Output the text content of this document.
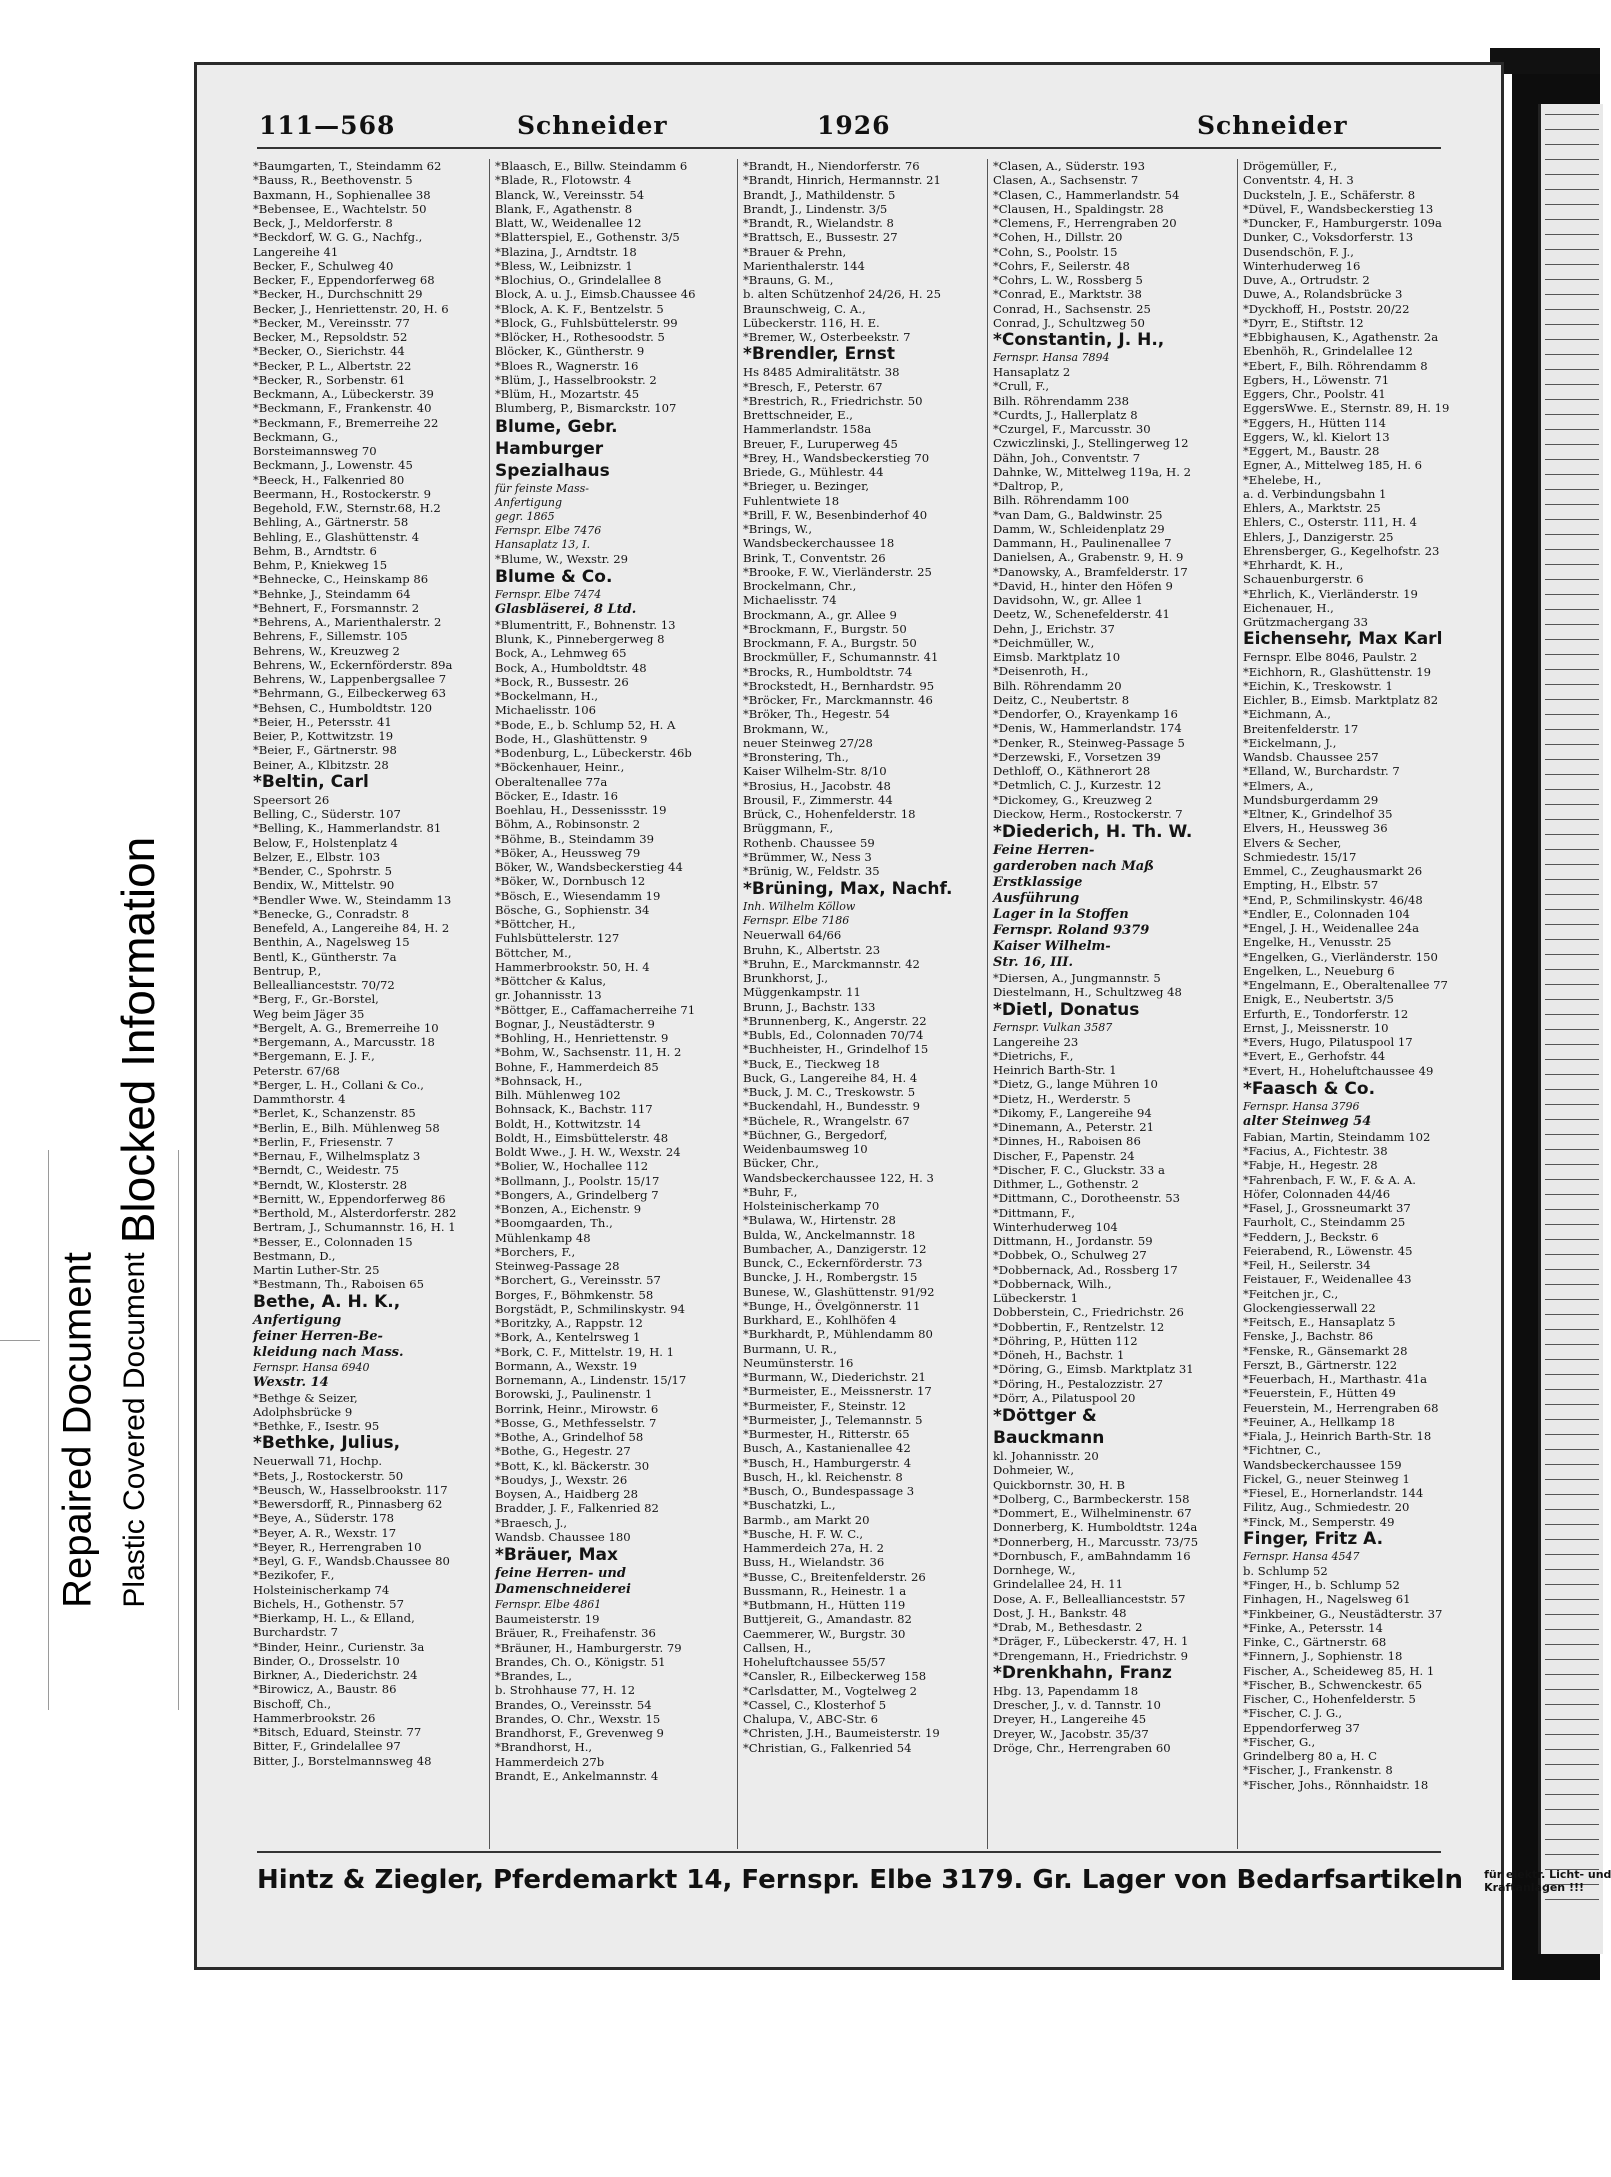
111—568	Schneider	1926	Schneider
*Baumgarten, T., Steindamm 62
*Bauss, R., Beethovenstr. 5
Baxmann, H., Sophienallee 38
*Bebensee, E., Wachtelstr. 50
Beck, J., Meldorferstr. 8
*Beckdorf, W. G. G., Nachfg.,
Langereihe 41
Becker, F., Schulweg 40
Becker, F., Eppendorferweg 68
*Becker, H., Durchschnitt 29
Becker, J., Henriettenstr. 20, H. 6
*Becker, M., Vereinsstr. 77
Becker, M., Repsoldstr. 52
*Becker, O., Sierichstr. 44
*Becker, P. L., Albertstr. 22
*Becker, R., Sorbenstr. 61
Beckmann, A., Lübeckerstr. 39
*Beckmann, F., Frankenstr. 40
*Beckmann, F., Bremerreihe 22
Beckmann, G.,
Borsteimannsweg 70
Beckmann, J., Lowenstr. 45
*Beeck, H., Falkenried 80
Beermann, H., Rostockerstr. 9
Begehold, F.W., Sternstr.68, H.2
Behling, A., Gärtnerstr. 58
Behling, E., Glashüttenstr. 4
Behm, B., Arndtstr. 6
Behm, P., Kniekweg 15
*Behnecke, C., Heinskamp 86
*Behnke, J., Steindamm 64
*Behnert, F., Forsmannstr. 2
*Behrens, A., Marienthalerstr. 2
Behrens, F., Sillemstr. 105
Behrens, W., Kreuzweg 2
Behrens, W., Eckernförderstr. 89a
Behrens, W., Lappenbergsallee 7
*Behrmann, G., Eilbeckerweg 63
*Behsen, C., Humboldtstr. 120
*Beier, H., Petersstr. 41
Beier, P., Kottwitzstr. 19
*Beier, F., Gärtnerstr. 98
Beiner, A., Klbitzstr. 28
*Beltin, Carl
Speersort 26
Belling, C., Süderstr. 107
*Belling, K., Hammerlandstr. 81
Below, F., Holstenplatz 4
Belzer, E., Elbstr. 103
*Bender, C., Spohrstr. 5
Bendix, W., Mittelstr. 90
*Bendler Wwe. W., Steindamm 13
*Benecke, G., Conradstr. 8
Benefeld, A., Langereihe 84, H. 2
Benthin, A., Nagelsweg 15
Bentl, K., Güntherstr. 7a
Bentrup, P.,
Belleallianceststr. 70/72
*Berg, F., Gr.-Borstel,
Weg beim Jäger 35
*Bergelt, A. G., Bremerreihe 10
*Bergemann, A., Marcusstr. 18
*Bergemann, E. J. F.,
Peterstr. 67/68
*Berger, L. H., Collani & Co.,
Dammthorstr. 4
*Berlet, K., Schanzenstr. 85
*Berlin, E., Bilh. Mühlenweg 58
*Berlin, F., Friesenstr. 7
*Bernau, F., Wilhelmsplatz 3
*Berndt, C., Weidestr. 75
*Berndt, W., Klosterstr. 28
*Bernitt, W., Eppendorferweg 86
*Berthold, M., Alsterdorferstr. 282
Bertram, J., Schumannstr. 16, H. 1
*Besser, E., Colonnaden 15
Bestmann, D.,
Martin Luther-Str. 25
*Bestmann, Th., Raboisen 65
Bethe, A. H. K.,
Anfertigung
feiner Herren-Be-
kleidung nach Mass.
Fernspr. Hansa 6940
Wexstr. 14
*Bethge & Seizer,
Adolphsbrücke 9
*Bethke, F., Isestr. 95
*Bethke, Julius,
Neuerwall 71, Hochp.
*Bets, J., Rostockerstr. 50
*Beusch, W., Hasselbrookstr. 117
*Bewersdorff, R., Pinnasberg 62
*Beye, A., Süderstr. 178
*Beyer, A. R., Wexstr. 17
*Beyer, R., Herrengraben 10
*Beyl, G. F., Wandsb.Chaussee 80
*Bezikofer, F.,
Holsteinischerkamp 74
Bichels, H., Gothenstr. 57
*Bierkamp, H. L., & Elland,
Burchardstr. 7
*Binder, Heinr., Curienstr. 3a
Binder, O., Drosselstr. 10
Birkner, A., Diederichstr. 24
*Birowicz, A., Baustr. 86
Bischoff, Ch.,
Hammerbrookstr. 26
*Bitsch, Eduard, Steinstr. 77
Bitter, F., Grindelallee 97
Bitter, J., Borstelmannsweg 48
*Blaasch, E., Billw. Steindamm 6
*Blade, R., Flotowstr. 4
Blanck, W., Vereinsstr. 54
Blank, F., Agathenstr. 8
Blatt, W., Weidenallee 12
*Blatterspiel, E., Gothenstr. 3/5
*Blazina, J., Arndtstr. 18
*Bless, W., Leibnizstr. 1
*Blochius, O., Grindelallee 8
Block, A. u. J., Eimsb.Chaussee 46
*Block, A. K. F., Bentzelstr. 5
*Block, G., Fuhlsbüttelerstr. 99
*Blöcker, H., Rothesoodstr. 5
Blöcker, K., Güntherstr. 9
*Bloes R., Wagnerstr. 16
*Blüm, J., Hasselbrookstr. 2
*Blüm, H., Mozartstr. 45
Blumberg, P., Bismarckstr. 107
Blume, Gebr.
Hamburger
Spezialhaus
für feinste Mass-
Anfertigung
gegr. 1865
Fernspr. Elbe 7476
Hansaplatz 13, I.
*Blume, W., Wexstr. 29
Blume & Co.
Fernspr. Elbe 7474
Glasbläserei, 8 Ltd.
*Blumentritt, F., Bohnenstr. 13
Blunk, K., Pinnebergerweg 8
Bock, A., Lehmweg 65
Bock, A., Humboldtstr. 48
*Bock, R., Bussestr. 26
*Bockelmann, H.,
Michaelisstr. 106
*Bode, E., b. Schlump 52, H. A
Bode, H., Glashüttenstr. 9
*Bodenburg, L., Lübeckerstr. 46b
*Böckenhauer, Heinr.,
Oberaltenallee 77a
Böcker, E., Idastr. 16
Boehlau, H., Dessenissstr. 19
Böhm, A., Robinsonstr. 2
*Böhme, B., Steindamm 39
*Böker, A., Heussweg 79
Böker, W., Wandsbeckerstieg 44
*Böker, W., Dornbusch 12
*Bösch, E., Wiesendamm 19
Bösche, G., Sophienstr. 34
*Böttcher, H.,
Fuhlsbüttelerstr. 127
Böttcher, M.,
Hammerbrookstr. 50, H. 4
*Böttcher & Kalus,
gr. Johannisstr. 13
*Böttger, E., Caffamacherreihe 71
Bognar, J., Neustädterstr. 9
*Bohling, H., Henriettenstr. 9
*Bohm, W., Sachsenstr. 11, H. 2
Bohne, F., Hammerdeich 85
*Bohnsack, H.,
Bilh. Mühlenweg 102
Bohnsack, K., Bachstr. 117
Boldt, H., Kottwitzstr. 14
Boldt, H., Eimsbüttelerstr. 48
Boldt Wwe., J. H. W., Wexstr. 24
*Bolier, W., Hochallee 112
*Bollmann, J., Poolstr. 15/17
*Bongers, A., Grindelberg 7
*Bonzen, A., Eichenstr. 9
*Boomgaarden, Th.,
Mühlenkamp 48
*Borchers, F.,
Steinweg-Passage 28
*Borchert, G., Vereinsstr. 57
Borges, F., Böhmkenstr. 58
Borgstädt, P., Schmilinskystr. 94
*Boritzky, A., Rappstr. 12
*Bork, A., Kentelrsweg 1
*Bork, C. F., Mittelstr. 19, H. 1
Bormann, A., Wexstr. 19
Bornemann, A., Lindenstr. 15/17
Borowski, J., Paulinenstr. 1
Borrink, Heinr., Mirowstr. 6
*Bosse, G., Methfesselstr. 7
*Bothe, A., Grindelhof 58
*Bothe, G., Hegestr. 27
*Bott, K., kl. Bäckerstr. 30
*Boudys, J., Wexstr. 26
Boysen, A., Haidberg 28
Bradder, J. F., Falkenried 82
*Braesch, J.,
Wandsb. Chaussee 180
*Bräuer, Max
feine Herren- und
Damenschneiderei
Fernspr. Elbe 4861
Baumeisterstr. 19
Bräuer, R., Freihafenstr. 36
*Bräuner, H., Hamburgerstr. 79
Brandes, Ch. O., Königstr. 51
*Brandes, L.,
b. Strohhause 77, H. 12
Brandes, O., Vereinsstr. 54
Brandes, O. Chr., Wexstr. 15
Brandhorst, F., Grevenweg 9
*Brandhorst, H.,
Hammerdeich 27b
Brandt, E., Ankelmannstr. 4
*Brandt, H., Niendorferstr. 76
*Brandt, Hinrich, Hermannstr. 21
Brandt, J., Mathildenstr. 5
Brandt, J., Lindenstr. 3/5
*Brandt, R., Wielandstr. 8
*Brattsch, E., Bussestr. 27
*Brauer & Prehn,
Marienthalerstr. 144
*Brauns, G. M.,
b. alten Schützenhof 24/26, H. 25
Braunschweig, C. A.,
Lübeckerstr. 116, H. E.
*Bremer, W., Osterbeekstr. 7
*Brendler, Ernst
Hs 8485 Admiralitätstr. 38
*Bresch, F., Peterstr. 67
*Brestrich, R., Friedrichstr. 50
Brettschneider, E.,
Hammerlandstr. 158a
Breuer, F., Luruperweg 45
*Brey, H., Wandsbeckerstieg 70
Briede, G., Mühlestr. 44
*Brieger, u. Bezinger,
Fuhlentwiete 18
*Brill, F. W., Besenbinderhof 40
*Brings, W.,
Wandsbeckerchaussee 18
Brink, T., Conventstr. 26
*Brooke, F. W., Vierländerstr. 25
Brockelmann, Chr.,
Michaelisstr. 74
Brockmann, A., gr. Allee 9
*Brockmann, F., Burgstr. 50
Brockmann, F. A., Burgstr. 50
Brockmüller, F., Schumannstr. 41
*Brocks, R., Humboldtstr. 74
*Brockstedt, H., Bernhardstr. 95
*Bröcker, Fr., Marckmannstr. 46
*Bröker, Th., Hegestr. 54
Brokmann, W.,
neuer Steinweg 27/28
*Bronstering, Th.,
Kaiser Wilhelm-Str. 8/10
*Brosius, H., Jacobstr. 48
Brousil, F., Zimmerstr. 44
Brück, C., Hohenfelderstr. 18
Brüggmann, F.,
Rothenb. Chaussee 59
*Brümmer, W., Ness 3
*Brünig, W., Feldstr. 35
*Brüning, Max, Nachf.
Inh. Wilhelm Köllow
Fernspr. Elbe 7186
Neuerwall 64/66
Bruhn, K., Albertstr. 23
*Bruhn, E., Marckmannstr. 42
Brunkhorst, J.,
Müggenkampstr. 11
Brunn, J., Bachstr. 133
*Brunnenberg, K., Angerstr. 22
*Bubls, Ed., Colonnaden 70/74
*Buchheister, H., Grindelhof 15
*Buck, E., Tieckweg 18
Buck, G., Langereihe 84, H. 4
*Buck, J. M. C., Treskowstr. 5
*Buckendahl, H., Bundesstr. 9
*Büchele, R., Wrangelstr. 67
*Büchner, G., Bergedorf,
Weidenbaumsweg 10
Bücker, Chr.,
Wandsbeckerchaussee 122, H. 3
*Buhr, F.,
Holsteinischerkamp 70
*Bulawa, W., Hirtenstr. 28
Bulda, W., Anckelmannstr. 18
Bumbacher, A., Danzigerstr. 12
Bunck, C., Eckernförderstr. 73
Buncke, J. H., Rombergstr. 15
Bunese, W., Glashüttenstr. 91/92
*Bunge, H., Övelgönnerstr. 11
Burkhard, E., Kohlhöfen 4
*Burkhardt, P., Mühlendamm 80
Burmann, U. R.,
Neumünsterstr. 16
*Burmann, W., Diederichstr. 21
*Burmeister, E., Meissnerstr. 17
*Burmeister, F., Steinstr. 12
*Burmeister, J., Telemannstr. 5
*Burmester, H., Ritterstr. 65
Busch, A., Kastanienallee 42
*Busch, H., Hamburgerstr. 4
Busch, H., kl. Reichenstr. 8
*Busch, O., Bundespassage 3
*Buschatzki, L.,
Barmb., am Markt 20
*Busche, H. F. W. C.,
Hammerdeich 27a, H. 2
Buss, H., Wielandstr. 36
*Busse, C., Breitenfelderstr. 26
Bussmann, R., Heinestr. 1 a
*Butbmann, H., Hütten 119
Buttjereit, G., Amandastr. 82
Caemmerer, W., Burgstr. 30
Callsen, H.,
Hoheluftchaussee 55/57
*Cansler, R., Eilbeckerweg 158
*Carlsdatter, M., Vogtelweg 2
*Cassel, C., Klosterhof 5
Chalupa, V., ABC-Str. 6
*Christen, J.H., Baumeisterstr. 19
*Christian, G., Falkenried 54
*Clasen, A., Süderstr. 193
Clasen, A., Sachsenstr. 7
*Clasen, C., Hammerlandstr. 54
*Clausen, H., Spaldingstr. 28
*Clemens, F., Herrengraben 20
*Cohen, H., Dillstr. 20
*Cohn, S., Poolstr. 15
*Cohrs, F., Seilerstr. 48
*Cohrs, L. W., Rossberg 5
*Conrad, E., Marktstr. 38
Conrad, H., Sachsenstr. 25
Conrad, J., Schultzweg 50
*Constantin, J. H.,
Fernspr. Hansa 7894
Hansaplatz 2
*Crull, F.,
Bilh. Röhrendamm 238
*Curdts, J., Hallerplatz 8
*Czurgel, F., Marcusstr. 30
Czwiczlinski, J., Stellingerweg 12
Dähn, Joh., Conventstr. 7
Dahnke, W., Mittelweg 119a, H. 2
*Daltrop, P.,
Bilh. Röhrendamm 100
*van Dam, G., Baldwinstr. 25
Damm, W., Schleidenplatz 29
Dammann, H., Paulinenallee 7
Danielsen, A., Grabenstr. 9, H. 9
*Danowsky, A., Bramfelderstr. 17
*David, H., hinter den Höfen 9
Davidsohn, W., gr. Allee 1
Deetz, W., Schenefelderstr. 41
Dehn, J., Erichstr. 37
*Deichmüller, W.,
Eimsb. Marktplatz 10
*Deisenroth, H.,
Bilh. Röhrendamm 20
Deitz, C., Neubertstr. 8
*Dendorfer, O., Krayenkamp 16
*Denis, W., Hammerlandstr. 174
*Denker, R., Steinweg-Passage 5
*Derzewski, F., Vorsetzen 39
Dethloff, O., Käthnerort 28
*Detmlich, C. J., Kurzestr. 12
*Dickomey, G., Kreuzweg 2
Dieckow, Herm., Rostockerstr. 7
*Diederich, H. Th. W.
Feine Herren-
garderoben nach Maß
Erstklassige
Ausführung
Lager in la Stoffen
Fernspr. Roland 9379
Kaiser Wilhelm-
Str. 16, III.
*Diersen, A., Jungmannstr. 5
Diestelmann, H., Schultzweg 48
*Dietl, Donatus
Fernspr. Vulkan 3587
Langereihe 23
*Dietrichs, F.,
Heinrich Barth-Str. 1
*Dietz, G., lange Mühren 10
*Dietz, H., Werderstr. 5
*Dikomy, F., Langereihe 94
*Dinemann, A., Peterstr. 21
*Dinnes, H., Raboisen 86
Discher, F., Papenstr. 24
*Discher, F. C., Gluckstr. 33 a
Dithmer, L., Gothenstr. 2
*Dittmann, C., Dorotheenstr. 53
*Dittmann, F.,
Winterhuderweg 104
Dittmann, H., Jordanstr. 59
*Dobbek, O., Schulweg 27
*Dobbernack, Ad., Rossberg 17
*Dobbernack, Wilh.,
Lübeckerstr. 1
Dobberstein, C., Friedrichstr. 26
*Dobbertin, F., Rentzelstr. 12
*Döhring, P., Hütten 112
*Döneh, H., Bachstr. 1
*Döring, G., Eimsb. Marktplatz 31
*Döring, H., Pestalozzistr. 27
*Dörr, A., Pilatuspool 20
*Döttger &
Bauckmann
kl. Johannisstr. 20
Dohmeier, W.,
Quickbornstr. 30, H. B
*Dolberg, C., Barmbeckerstr. 158
*Dommert, E., Wilhelminenstr. 67
Donnerberg, K. Humboldtstr. 124a
*Donnerberg, H., Marcusstr. 73/75
*Dornbusch, F., amBahndamm 16
Dornhege, W.,
Grindelallee 24, H. 11
Dose, A. F., Belleallianceststr. 57
Dost, J. H., Bankstr. 48
*Drab, M., Bethesdastr. 2
*Dräger, F., Lübeckerstr. 47, H. 1
*Drengemann, H., Friedrichstr. 9
*Drenkhahn, Franz
Hbg. 13, Papendamm 18
Drescher, J., v. d. Tannstr. 10
Dreyer, H., Langereihe 45
Dreyer, W., Jacobstr. 35/37
Dröge, Chr., Herrengraben 60
Drögemüller, F.,
Conventstr. 4, H. 3
Ducksteln, J. E., Schäferstr. 8
*Düvel, F., Wandsbeckerstieg 13
*Duncker, F., Hamburgerstr. 109a
Dunker, C., Voksdorferstr. 13
Dusendschön, F. J.,
Winterhuderweg 16
Duve, A., Ortrudstr. 2
Duwe, A., Rolandsbrücke 3
*Dyckhoff, H., Poststr. 20/22
*Dyrr, E., Stiftstr. 12
*Ebbighausen, K., Agathenstr. 2a
Ebenhöh, R., Grindelallee 12
*Ebert, F., Bilh. Röhrendamm 8
Egbers, H., Löwenstr. 71
Eggers, Chr., Poolstr. 41
EggersWwe. E., Sternstr. 89, H. 19
*Eggers, H., Hütten 114
Eggers, W., kl. Kielort 13
*Eggert, M., Baustr. 28
Egner, A., Mittelweg 185, H. 6
*Ehelebe, H.,
a. d. Verbindungsbahn 1
Ehlers, A., Marktstr. 25
Ehlers, C., Osterstr. 111, H. 4
Ehlers, J., Danzigerstr. 25
Ehrensberger, G., Kegelhofstr. 23
*Ehrhardt, K. H.,
Schauenburgerstr. 6
*Ehrlich, K., Vierländerstr. 19
Eichenauer, H.,
Grützmachergang 33
Eichensehr, Max Karl
Fernspr. Elbe 8046, Paulstr. 2
*Eichhorn, R., Glashüttenstr. 19
*Eichin, K., Treskowstr. 1
Eichler, B., Eimsb. Marktplatz 82
*Eichmann, A.,
Breitenfelderstr. 17
*Eickelmann, J.,
Wandsb. Chaussee 257
*Elland, W., Burchardstr. 7
*Elmers, A.,
Mundsburgerdamm 29
*Eltner, K., Grindelhof 35
Elvers, H., Heussweg 36
Elvers & Secher,
Schmiedestr. 15/17
Emmel, C., Zeughausmarkt 26
Empting, H., Elbstr. 57
*End, P., Schmilinskystr. 46/48
*Endler, E., Colonnaden 104
*Engel, J. H., Weidenallee 24a
Engelke, H., Venusstr. 25
*Engelken, G., Vierländerstr. 150
Engelken, L., Neueburg 6
*Engelmann, E., Oberaltenallee 77
Enigk, E., Neubertstr. 3/5
Erfurth, E., Tondorferstr. 12
Ernst, J., Meissnerstr. 10
*Evers, Hugo, Pilatuspool 17
*Evert, E., Gerhofstr. 44
*Evert, H., Hoheluftchaussee 49
*Faasch & Co.
Fernspr. Hansa 3796
alter Steinweg 54
Fabian, Martin, Steindamm 102
*Facius, A., Fichtestr. 38
*Fabje, H., Hegestr. 28
*Fahrenbach, F. W., F. & A. A.
Höfer, Colonnaden 44/46
*Fasel, J., Grossneumarkt 37
Faurholt, C., Steindamm 25
*Feddern, J., Beckstr. 6
Feierabend, R., Löwenstr. 45
*Feil, H., Seilerstr. 34
Feistauer, F., Weidenallee 43
*Feitchen jr., C.,
Glockengiesserwall 22
*Feitsch, E., Hansaplatz 5
Fenske, J., Bachstr. 86
*Fenske, R., Gänsemarkt 28
Ferszt, B., Gärtnerstr. 122
*Feuerbach, H., Marthastr. 41a
*Feuerstein, F., Hütten 49
Feuerstein, M., Herrengraben 68
*Feuiner, A., Hellkamp 18
*Fiala, J., Heinrich Barth-Str. 18
*Fichtner, C.,
Wandsbeckerchaussee 159
Fickel, G., neuer Steinweg 1
*Fiesel, E., Hornerlandstr. 144
Filitz, Aug., Schmiedestr. 20
*Finck, M., Semperstr. 49
Finger, Fritz A.
Fernspr. Hansa 4547
b. Schlump 52
*Finger, H., b. Schlump 52
Finhagen, H., Nagelsweg 61
*Finkbeiner, G., Neustädterstr. 37
*Finke, A., Petersstr. 14
Finke, C., Gärtnerstr. 68
*Finnern, J., Sophienstr. 18
Fischer, A., Scheideweg 85, H. 1
*Fischer, B., Schwenckestr. 65
Fischer, C., Hohenfelderstr. 5
*Fischer, C. J. G.,
Eppendorferweg 37
*Fischer, G.,
Grindelberg 80 a, H. C
*Fischer, J., Frankenstr. 8
*Fischer, Johs., Rönnhaidstr. 18
Hintz & Ziegler, Pferdemarkt 14, Fernspr. Elbe 3179. Gr. Lager von Bedarfsartikeln für elektr. Licht- und
Kraftanlagen !!!
Repaired Document Plastic Covered Document
Blocked Information
